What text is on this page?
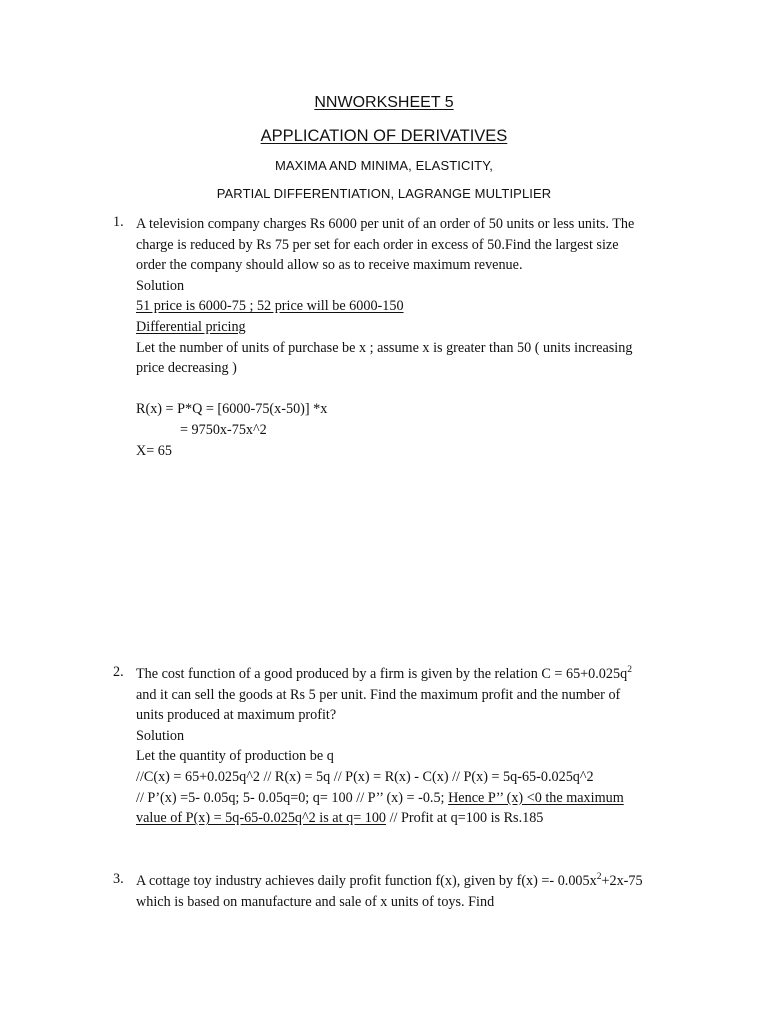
NNWORKSHEET 5
APPLICATION OF DERIVATIVES
MAXIMA AND MINIMA, ELASTICITY,
PARTIAL DIFFERENTIATION, LAGRANGE MULTIPLIER
1. A television company charges Rs 6000 per unit of an order of 50 units or less units. The
charge is reduced by Rs 75 per set for each order in excess of 50.Find the largest size
order the company should allow so as to receive maximum revenue.
Solution
51 price is 6000-75 ; 52 price will be 6000-150
Differential pricing
Let the number of units of purchase be x ; assume x is greater than 50 ( units increasing
price decreasing )
R(x) = P*Q = [6000-75(x-50)] *x
= 9750x-75x^2
X= 65
2. The cost function of a good produced by a firm is given by the relation $C = 65+0.025q^2$
and it can sell the goods at Rs 5 per unit. Find the maximum profit and the number of
units produced at maximum profit?
Solution
Let the quantity of production be q
//C(x) = 65+0.025q^2 // R(x) = 5q // P(x) = R(x) - C(x) // P(x) = 5q-65-0.025q^2
// P’(x) =5- 0.05q; 5- 0.05q=0; q= 100 // P’’ (x) = -0.5; Hence P’’ (x) <0 the maximum
value of P(x) = 5q-65-0.025q^2 is at q= 100 // Profit at q=100 is Rs.185
3. A cottage toy industry achieves daily profit function f(x), given by $f(x) =- 0.005x^2+2x-75$
which is based on manufacture and sale of x units of toys. Find
